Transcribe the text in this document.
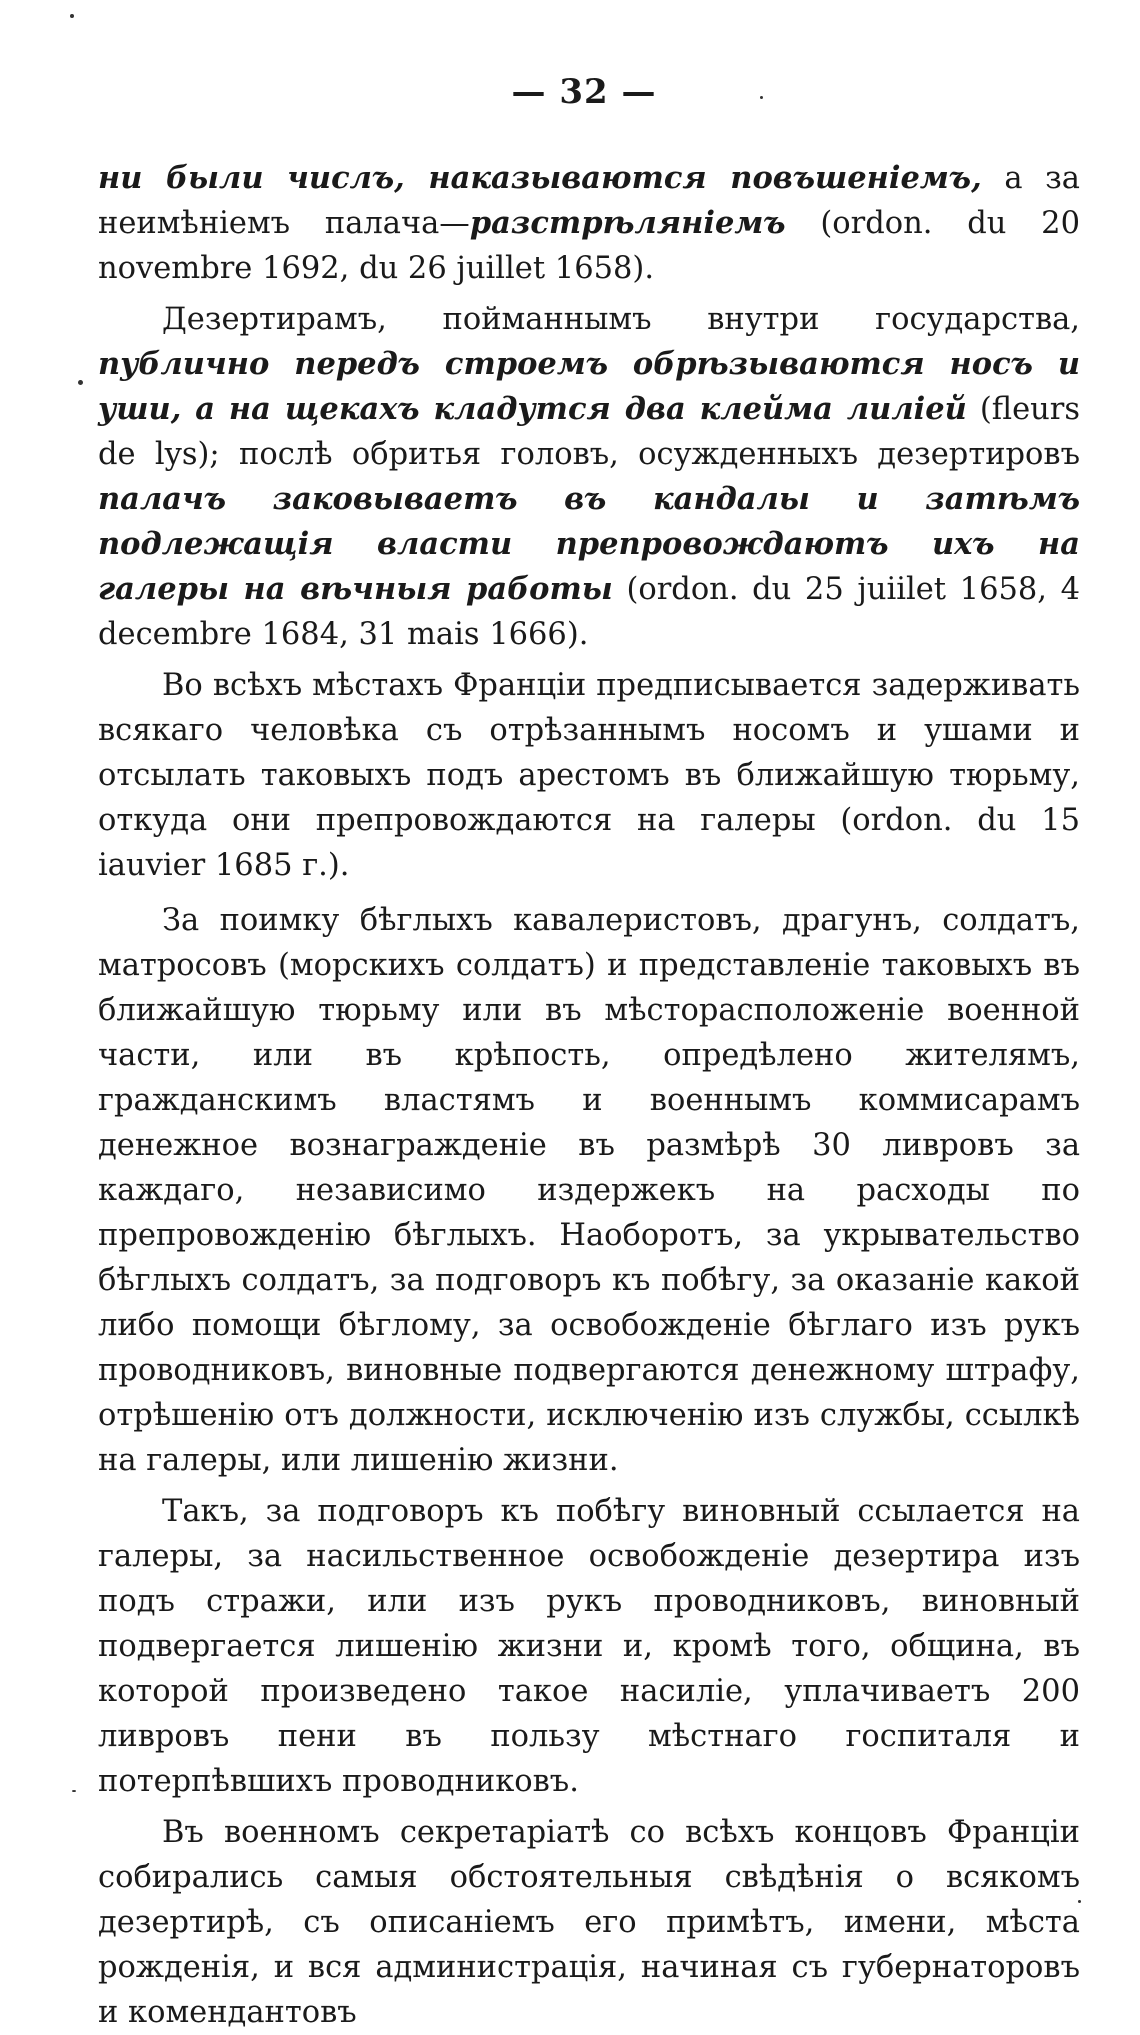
— 32 —

ни были числъ, наказываются повъшеніемъ, а за неимѣніемъ палача—разстрѣляніемъ (ordon. du 20 novembre 1692, du 26 juillet 1658).

Дезертирамъ, пойманнымъ внутри государства, публично передъ строемъ обрѣзываются носъ и уши, а на щекахъ кладутся два клейма лиліей (fleurs de lys); послѣ обритья головъ, осужденныхъ дезертировъ палачъ заковываетъ въ кандалы и затѣмъ подлежащія власти препровождаютъ ихъ на галеры на вѣчныя работы (ordon. du 25 juiilet 1658, 4 decembre 1684, 31 mais 1666).

Во всѣхъ мѣстахъ Франціи предписывается задерживать всякаго человѣка съ отрѣзаннымъ носомъ и ушами и отсылать таковыхъ подъ арестомъ въ ближайшую тюрьму, откуда они препровождаются на галеры (ordon. du 15 iauvier 1685 г.).

За поимку бѣглыхъ кавалеристовъ, драгунъ, солдатъ, матросовъ (морскихъ солдатъ) и представленіе таковыхъ въ ближайшую тюрьму или въ мѣсторасположеніе военной части, или въ крѣпость, опредѣлено жителямъ, гражданскимъ властямъ и военнымъ коммисарамъ денежное вознагражденіе въ размѣрѣ 30 ливровъ за каждаго, независимо издержекъ на расходы по препровожденію бѣглыхъ. Наоборотъ, за укрывательство бѣглыхъ солдатъ, за подговоръ къ побѣгу, за оказаніе какой либо помощи бѣглому, за освобожденіе бѣглаго изъ рукъ проводниковъ, виновные подвергаются денежному штрафу, отрѣшенію отъ должности, исключенію изъ службы, ссылкѣ на галеры, или лишенію жизни.

Такъ, за подговоръ къ побѣгу виновный ссылается на галеры, за насильственное освобожденіе дезертира изъ подъ стражи, или изъ рукъ проводниковъ, виновный подвергается лишенію жизни и, кромѣ того, община, въ которой произведено такое насиліе, уплачиваетъ 200 ливровъ пени въ пользу мѣстнаго госпиталя и потерпѣвшихъ проводниковъ.

Въ военномъ секретаріатѣ со всѣхъ концовъ Франціи собирались самыя обстоятельныя свѣдѣнія о всякомъ дезертирѣ, съ описаніемъ его примѣтъ, имени, мѣста рожденія, и вся администрація, начиная съ губернаторовъ и комендантовъ
